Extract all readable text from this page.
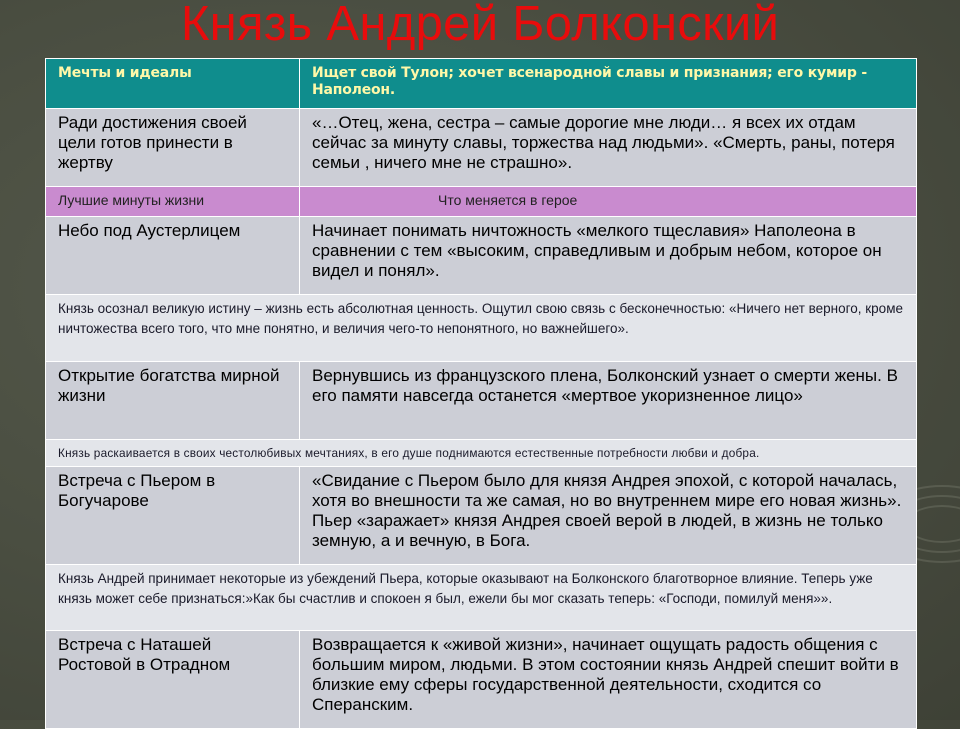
Князь Андрей Болконский
Мечты и идеалы	Ищет свой Тулон; хочет всенародной славы и признания; его кумир - Наполеон.
Ради достижения своей цели готов принести в жертву	«…Отец, жена, сестра – самые дорогие мне люди… я всех их отдам сейчас за минуту славы, торжества над людьми». «Смерть, раны, потеря семьи , ничего мне не страшно».
Лучшие минуты жизни	Что меняется в герое

Небо под Аустерлицем	Начинает понимать ничтожность «мелкого тщеславия» Наполеона в сравнении с тем «высоким, справедливым и добрым небом, которое он видел и понял».
Князь осознал великую истину – жизнь есть абсолютная ценность. Ощутил свою связь с бесконечностью: «Ничего нет верного, кроме ничтожества всего того, что мне понятно, и величия чего-то непонятного, но важнейшего».	
Открытие богатства мирной жизни	Вернувшись из французского плена, Болконский узнает о смерти жены. В его памяти навсегда останется «мертвое укоризненное лицо»
Князь раскаивается в своих честолюбивых мечтаниях, в его душе поднимаются естественные потребности любви и добра.	
Встреча с Пьером в Богучарове	«Свидание с Пьером было для князя Андрея эпохой, с которой началась, хотя во внешности та же самая, но во внутреннем мире его новая жизнь». Пьер «заражает» князя Андрея своей верой в людей, в жизнь не только земную, а и вечную, в Бога.
Князь Андрей принимает некоторые из убеждений Пьера, которые оказывают на Болконского благотворное влияние. Теперь уже князь может себе признаться:»Как бы счастлив и спокоен я был, ежели бы мог сказать теперь: «Господи, помилуй меня»».	
Встреча с Наташей Ростовой в Отрадном	Возвращается к «живой жизни», начинает ощущать радость общения с большим миром, людьми. В этом состоянии князь Андрей спешит войти в близкие ему сферы государственной деятельности, сходится со Сперанским.
